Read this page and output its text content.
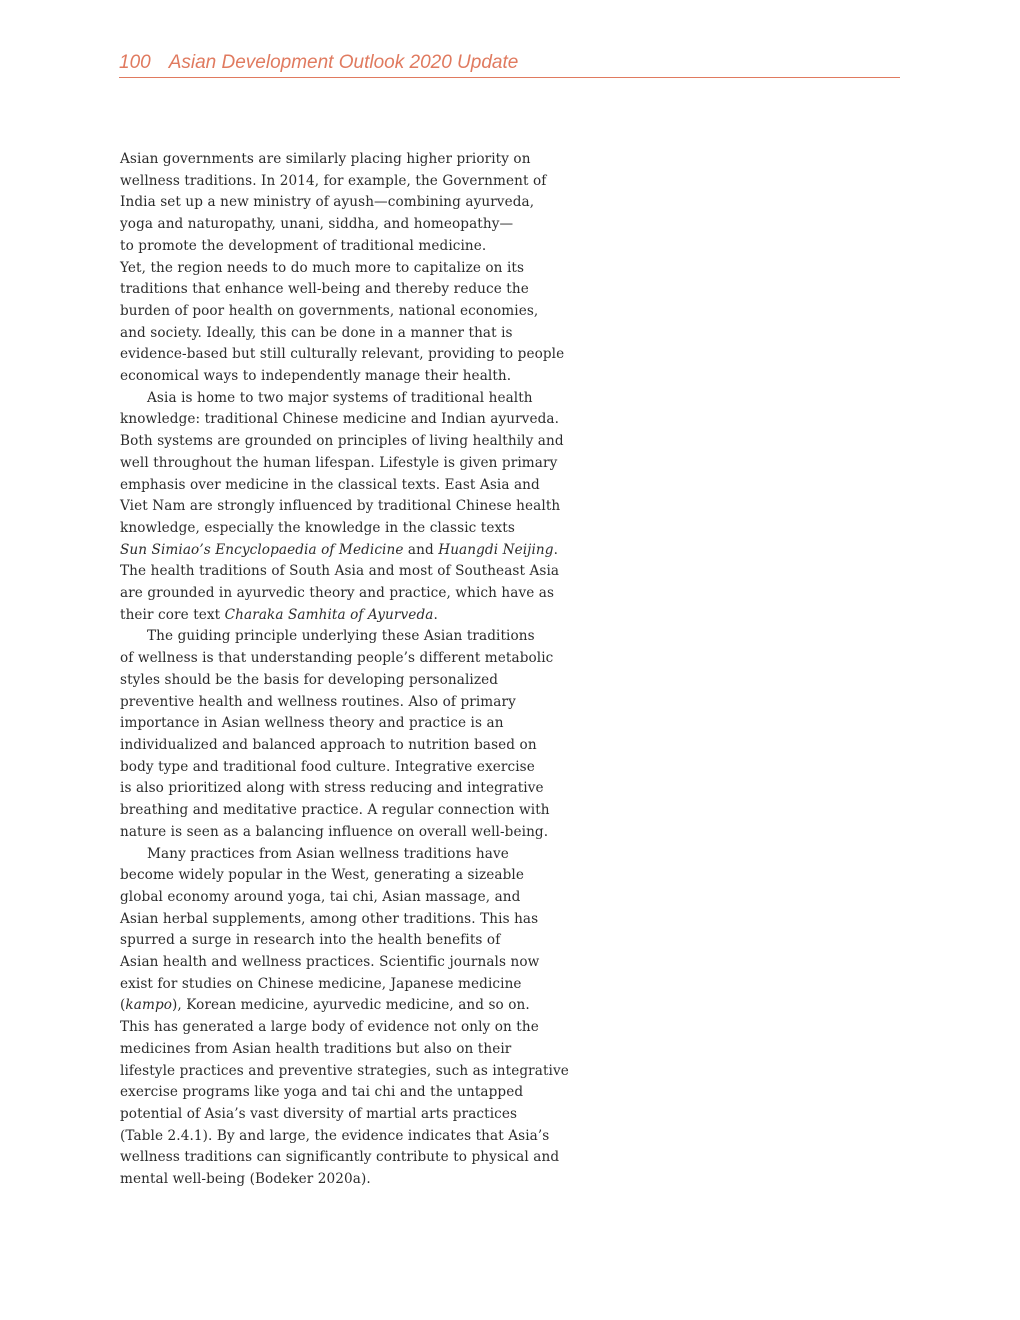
100 Asian Development Outlook 2020 Update

Asian governments are similarly placing higher priority on
wellness traditions. In 2014, for example, the Government of
India set up a new ministry of ayush—combining ayurveda,
yoga and naturopathy, unani, siddha, and homeopathy—
to promote the development of traditional medicine.
Yet, the region needs to do much more to capitalize on its
traditions that enhance well-being and thereby reduce the
burden of poor health on governments, national economies,
and society. Ideally, this can be done in a manner that is
evidence-based but still culturally relevant, providing to people
economical ways to independently manage their health.

Asia is home to two major systems of traditional health
knowledge: traditional Chinese medicine and Indian ayurveda.
Both systems are grounded on principles of living healthily and
well throughout the human lifespan. Lifestyle is given primary
emphasis over medicine in the classical texts. East Asia and
Viet Nam are strongly influenced by traditional Chinese health
knowledge, especially the knowledge in the classic texts
Sun Simiao’s Encyclopaedia of Medicine and Huangdi Neijing.
The health traditions of South Asia and most of Southeast Asia
are grounded in ayurvedic theory and practice, which have as
their core text Charaka Samhita of Ayurveda.

The guiding principle underlying these Asian traditions
of wellness is that understanding people’s different metabolic
styles should be the basis for developing personalized
preventive health and wellness routines. Also of primary
importance in Asian wellness theory and practice is an
individualized and balanced approach to nutrition based on
body type and traditional food culture. Integrative exercise
is also prioritized along with stress reducing and integrative
breathing and meditative practice. A regular connection with
nature is seen as a balancing influence on overall well-being.

Many practices from Asian wellness traditions have
become widely popular in the West, generating a sizeable
global economy around yoga, tai chi, Asian massage, and
Asian herbal supplements, among other traditions. This has
spurred a surge in research into the health benefits of
Asian health and wellness practices. Scientific journals now
exist for studies on Chinese medicine, Japanese medicine
(kampo), Korean medicine, ayurvedic medicine, and so on.
This has generated a large body of evidence not only on the
medicines from Asian health traditions but also on their
lifestyle practices and preventive strategies, such as integrative
exercise programs like yoga and tai chi and the untapped
potential of Asia’s vast diversity of martial arts practices
(Table 2.4.1). By and large, the evidence indicates that Asia’s
wellness traditions can significantly contribute to physical and
mental well-being (Bodeker 2020a).
